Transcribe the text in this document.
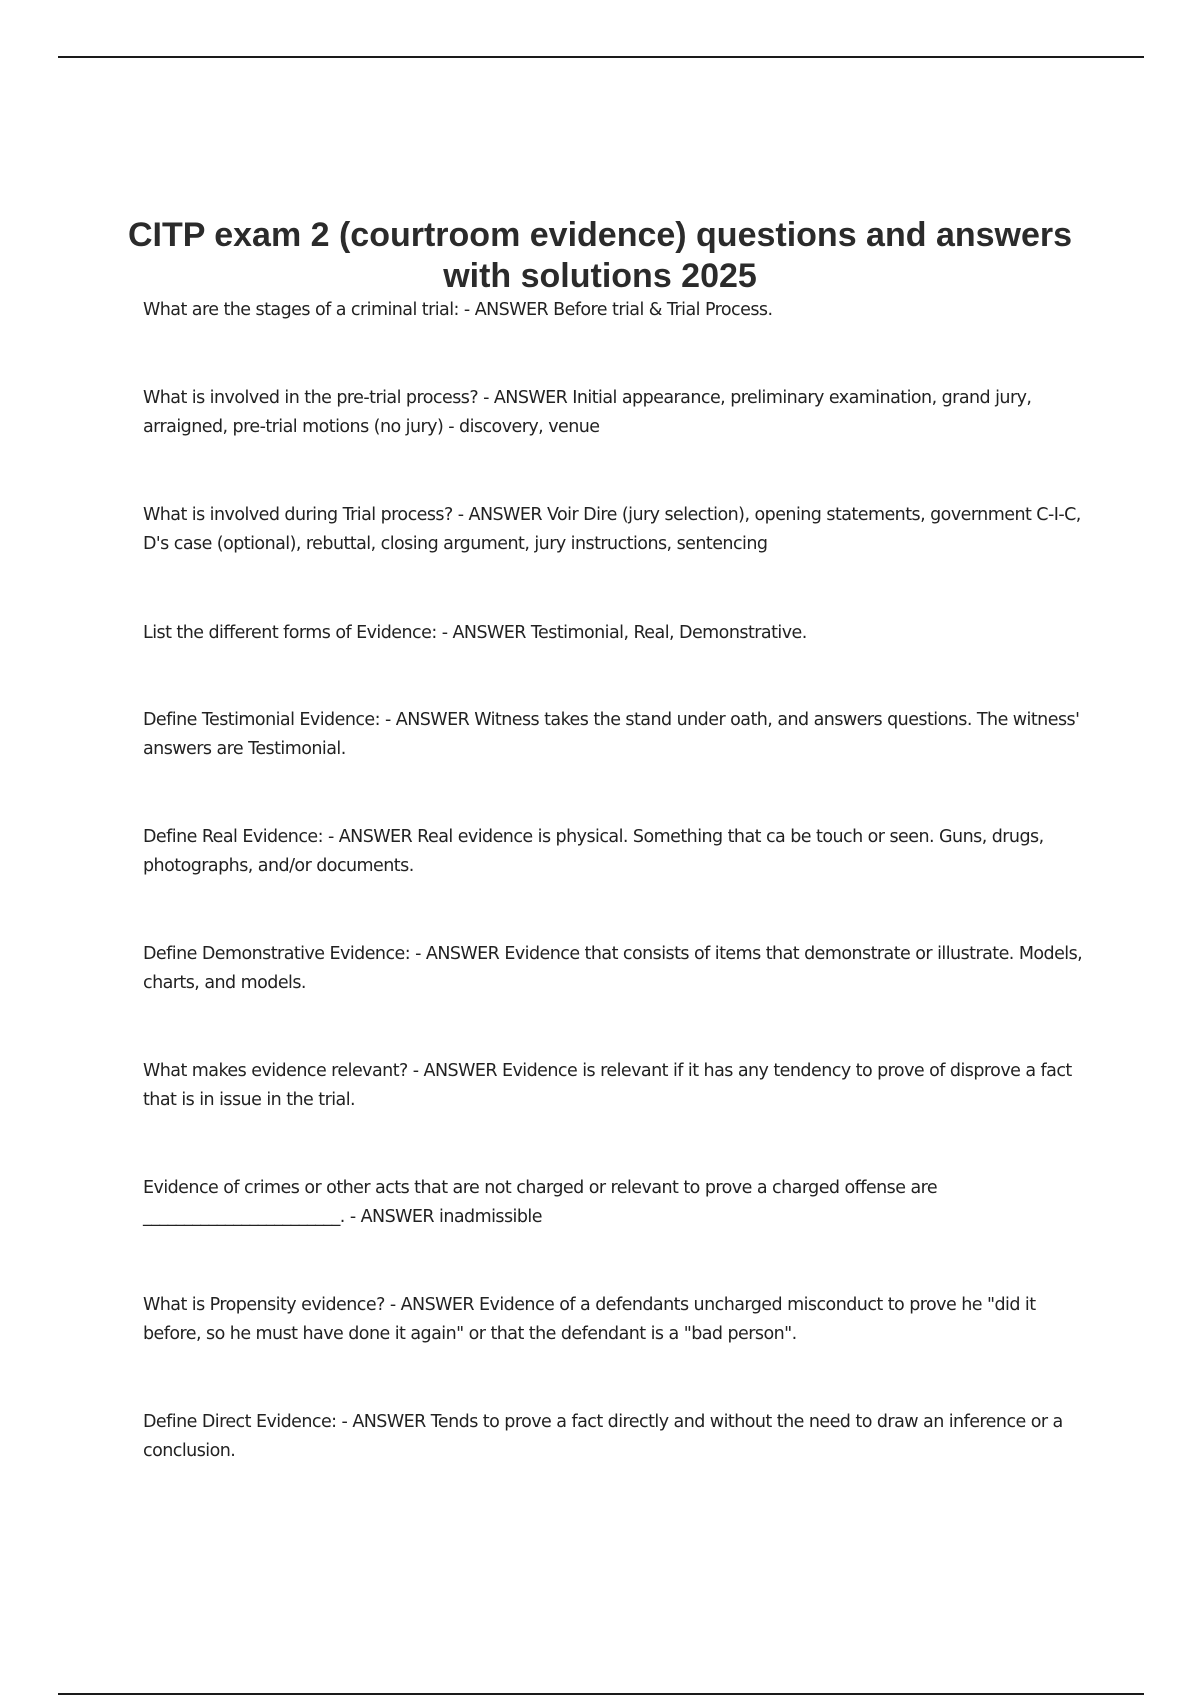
CITP exam 2 (courtroom evidence) questions and answers with solutions 2025

What are the stages of a criminal trial: - ANSWER Before trial & Trial Process.

What is involved in the pre-trial process? - ANSWER Initial appearance, preliminary examination, grand jury, arraigned, pre-trial motions (no jury) - discovery, venue

What is involved during Trial process? - ANSWER Voir Dire (jury selection), opening statements, government C-I-C, D's case (optional), rebuttal, closing argument, jury instructions, sentencing

List the different forms of Evidence: - ANSWER Testimonial, Real, Demonstrative.

Define Testimonial Evidence: - ANSWER Witness takes the stand under oath, and answers questions. The witness' answers are Testimonial.

Define Real Evidence: - ANSWER Real evidence is physical. Something that ca be touch or seen. Guns, drugs, photographs, and/or documents.

Define Demonstrative Evidence: - ANSWER Evidence that consists of items that demonstrate or illustrate. Models, charts, and models.

What makes evidence relevant? - ANSWER Evidence is relevant if it has any tendency to prove of disprove a fact that is in issue in the trial.

Evidence of crimes or other acts that are not charged or relevant to prove a charged offense are ________________________. - ANSWER inadmissible

What is Propensity evidence? - ANSWER Evidence of a defendants uncharged misconduct to prove he "did it before, so he must have done it again" or that the defendant is a "bad person".

Define Direct Evidence: - ANSWER Tends to prove a fact directly and without the need to draw an inference or a conclusion.
